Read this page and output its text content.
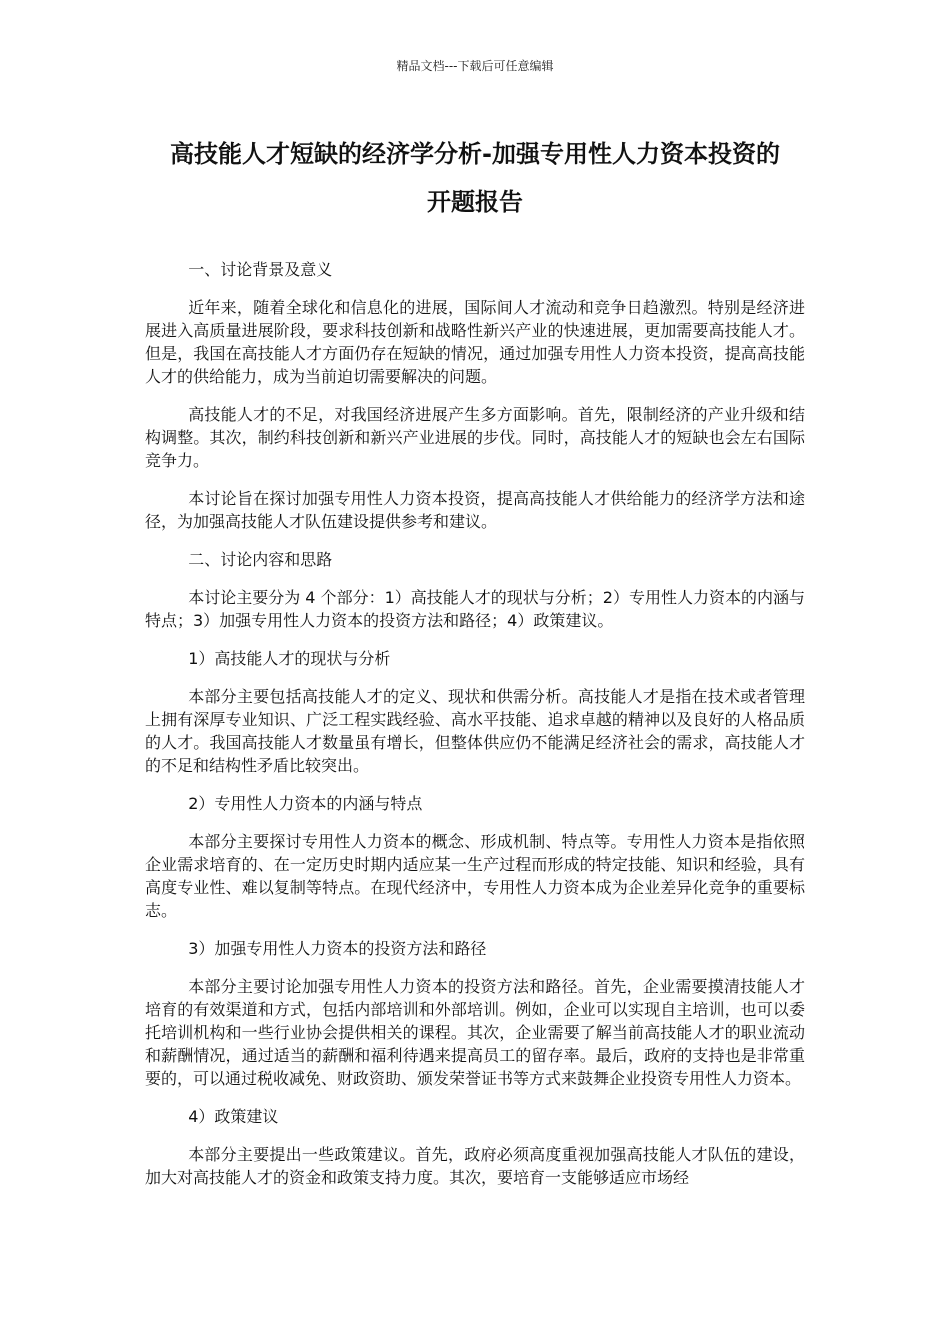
精品文档---下载后可任意编辑
高技能人才短缺的经济学分析-加强专用性人力资本投资的
开题报告

一、讨论背景及意义

近年来，随着全球化和信息化的进展，国际间人才流动和竞争日趋激烈。特别是经济进展进入高质量进展阶段，要求科技创新和战略性新兴产业的快速进展，更加需要高技能人才。但是，我国在高技能人才方面仍存在短缺的情况，通过加强专用性人力资本投资，提高高技能人才的供给能力，成为当前迫切需要解决的问题。

高技能人才的不足，对我国经济进展产生多方面影响。首先，限制经济的产业升级和结构调整。其次，制约科技创新和新兴产业进展的步伐。同时，高技能人才的短缺也会左右国际竞争力。

本讨论旨在探讨加强专用性人力资本投资，提高高技能人才供给能力的经济学方法和途径，为加强高技能人才队伍建设提供参考和建议。

二、讨论内容和思路

本讨论主要分为 4 个部分：1）高技能人才的现状与分析；2）专用性人力资本的内涵与特点；3）加强专用性人力资本的投资方法和路径；4）政策建议。

1）高技能人才的现状与分析

本部分主要包括高技能人才的定义、现状和供需分析。高技能人才是指在技术或者管理上拥有深厚专业知识、广泛工程实践经验、高水平技能、追求卓越的精神以及良好的人格品质的人才。我国高技能人才数量虽有增长，但整体供应仍不能满足经济社会的需求，高技能人才的不足和结构性矛盾比较突出。

2）专用性人力资本的内涵与特点

本部分主要探讨专用性人力资本的概念、形成机制、特点等。专用性人力资本是指依照企业需求培育的、在一定历史时期内适应某一生产过程而形成的特定技能、知识和经验，具有高度专业性、难以复制等特点。在现代经济中，专用性人力资本成为企业差异化竞争的重要标志。

3）加强专用性人力资本的投资方法和路径

本部分主要讨论加强专用性人力资本的投资方法和路径。首先，企业需要摸清技能人才培育的有效渠道和方式，包括内部培训和外部培训。例如，企业可以实现自主培训，也可以委托培训机构和一些行业协会提供相关的课程。其次，企业需要了解当前高技能人才的职业流动和薪酬情况，通过适当的薪酬和福利待遇来提高员工的留存率。最后，政府的支持也是非常重要的，可以通过税收减免、财政资助、颁发荣誉证书等方式来鼓舞企业投资专用性人力资本。

4）政策建议

本部分主要提出一些政策建议。首先，政府必须高度重视加强高技能人才队伍的建设，加大对高技能人才的资金和政策支持力度。其次，要培育一支能够适应市场经
